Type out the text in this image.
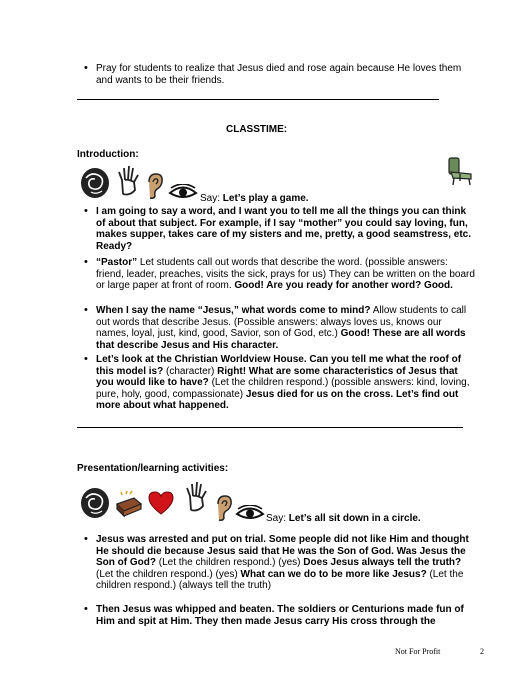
• Pray for students to realize that Jesus died and rose again because He loves them and wants to be their friends.
CLASSTIME:
Introduction:
Say: Let’s play a game.
• I am going to say a word, and I want you to tell me all the things you can think of about that subject. For example, if I say “mother” you could say loving, fun, makes supper, takes care of my sisters and me, pretty, a good seamstress, etc. Ready?
• “Pastor” Let students call out words that describe the word. (possible answers: friend, leader, preaches, visits the sick, prays for us) They can be written on the board or large paper at front of room. Good! Are you ready for another word? Good.
• When I say the name “Jesus,” what words come to mind? Allow students to call out words that describe Jesus. (Possible answers: always loves us, knows our names, loyal, just, kind, good, Savior, son of God, etc.) Good! These are all words that describe Jesus and His character.
• Let’s look at the Christian Worldview House. Can you tell me what the roof of this model is? (character) Right! What are some characteristics of Jesus that you would like to have? (Let the children respond.) (possible answers: kind, loving, pure, holy, good, compassionate) Jesus died for us on the cross. Let’s find out more about what happened.
Presentation/learning activities:
Say: Let’s all sit down in a circle.
• Jesus was arrested and put on trial. Some people did not like Him and thought He should die because Jesus said that He was the Son of God. Was Jesus the Son of God? (Let the children respond.) (yes) Does Jesus always tell the truth? (Let the children respond.) (yes) What can we do to be more like Jesus? (Let the children respond.) (always tell the truth)
• Then Jesus was whipped and beaten. The soldiers or Centurions made fun of Him and spit at Him. They then made Jesus carry His cross through the
Not For Profit	2
